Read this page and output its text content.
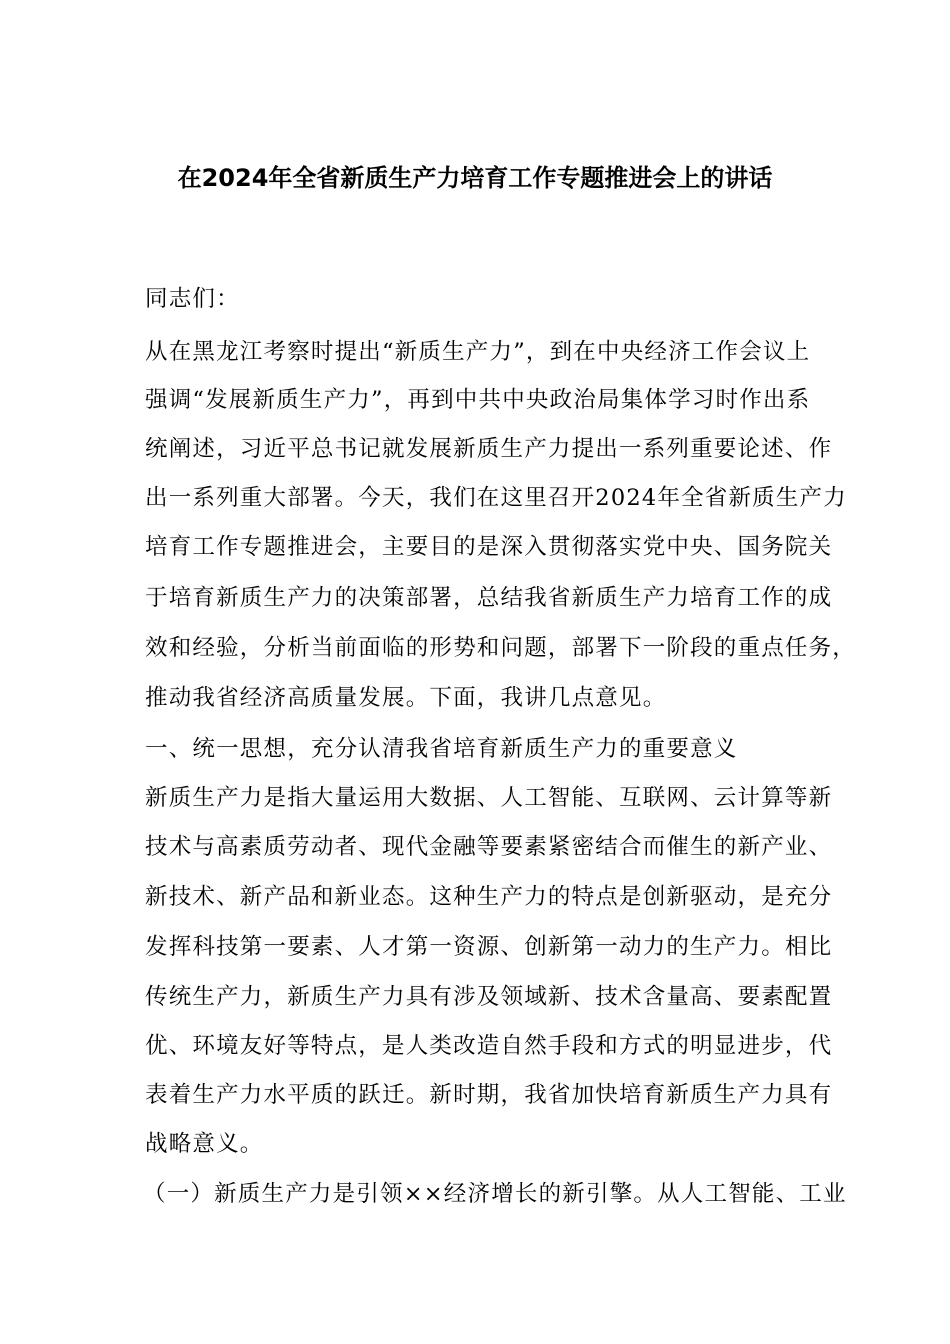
在2024年全省新质生产力培育工作专题推进会上的讲话

同志们：

从在黑龙江考察时提出“新质生产力”，到在中央经济工作会议上

强调“发展新质生产力”，再到中共中央政治局集体学习时作出系

统阐述，习近平总书记就发展新质生产力提出一系列重要论述、作

出一系列重大部署。今天，我们在这里召开2024年全省新质生产力

培育工作专题推进会，主要目的是深入贯彻落实党中央、国务院关

于培育新质生产力的决策部署，总结我省新质生产力培育工作的成

效和经验，分析当前面临的形势和问题，部署下一阶段的重点任务，

推动我省经济高质量发展。下面，我讲几点意见。

一、统一思想，充分认清我省培育新质生产力的重要意义

新质生产力是指大量运用大数据、人工智能、互联网、云计算等新

技术与高素质劳动者、现代金融等要素紧密结合而催生的新产业、

新技术、新产品和新业态。这种生产力的特点是创新驱动，是充分

发挥科技第一要素、人才第一资源、创新第一动力的生产力。相比

传统生产力，新质生产力具有涉及领域新、技术含量高、要素配置

优、环境友好等特点，是人类改造自然手段和方式的明显进步，代

表着生产力水平质的跃迁。新时期，我省加快培育新质生产力具有

战略意义。

（一）新质生产力是引领××经济增长的新引擎。从人工智能、工业
